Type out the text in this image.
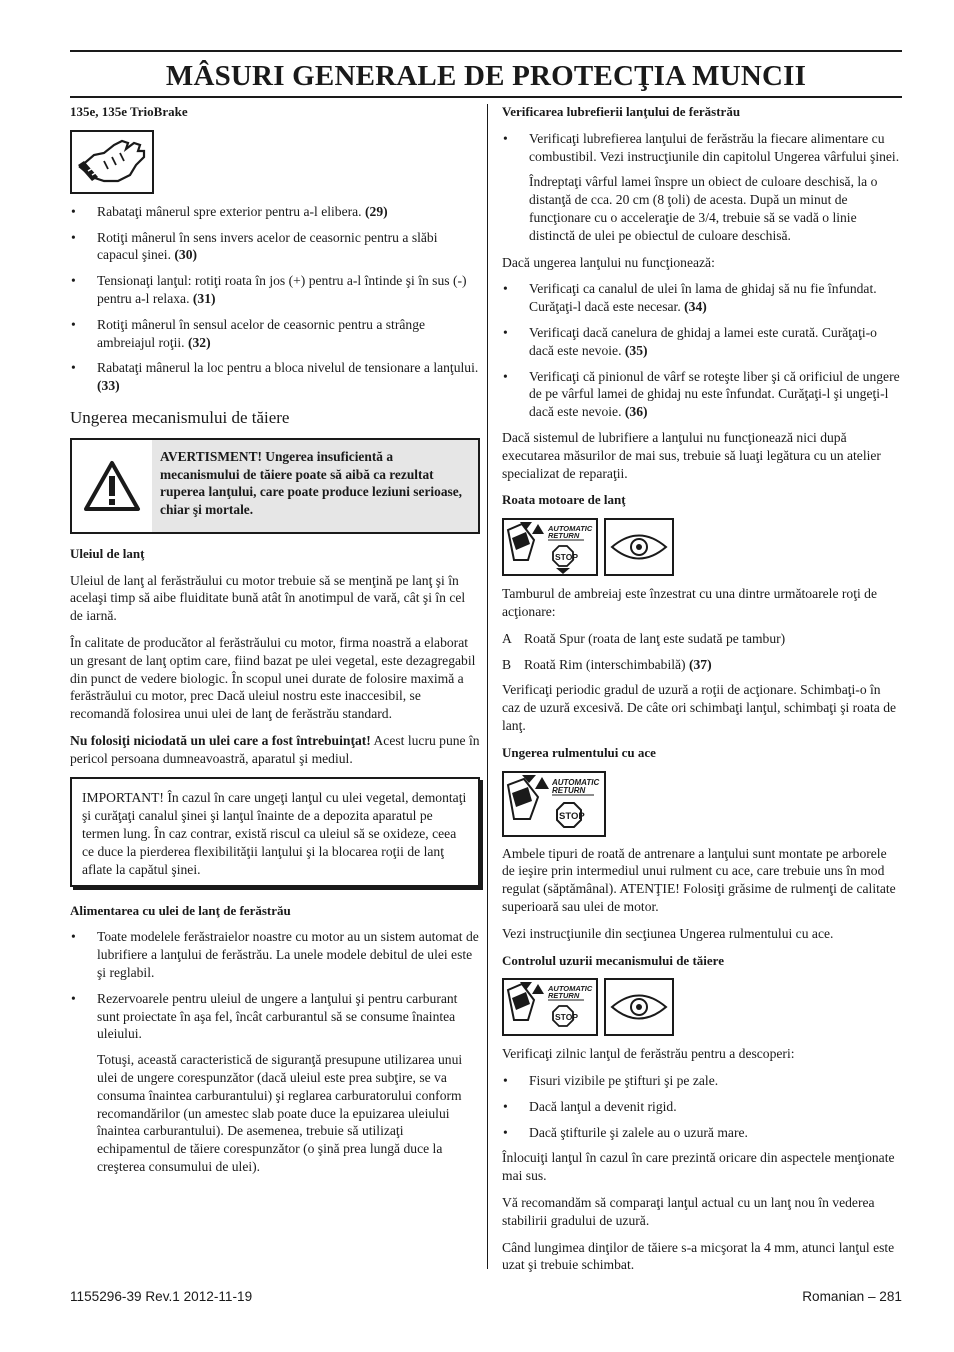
MÂSURI GENERALE DE PROTECŢIA MUNCII
135e, 135e TrioBrake
• Rabataţi mânerul spre exterior pentru a-l elibera. (29)
• Rotiţi mânerul în sens invers acelor de ceasornic pentru a slăbi capacul şinei. (30)
• Tensionaţi lanţul: rotiţi roata în jos (+) pentru a-l întinde şi în sus (-) pentru a-l relaxa. (31)
• Rotiţi mânerul în sensul acelor de ceasornic pentru a strânge ambreiajul roţii. (32)
• Rabataţi mânerul la loc pentru a bloca nivelul de tensionare a lanţului. (33)
Ungerea mecanismului de tăiere
AVERTISMENT! Ungerea insuficientă a mecanismului de tăiere poate să aibă ca rezultat ruperea lanţului, care poate produce leziuni serioase, chiar şi mortale.
Uleiul de lanţ

Uleiul de lanţ al ferăstrăului cu motor trebuie să se menţină pe lanţ şi în acelaşi timp să aibe fluiditate bună atât în anotimpul de vară, cât şi în cel de iarnă.

În calitate de producător al ferăstrăului cu motor, firma noastră a elaborat un gresant de lanţ optim care, fiind bazat pe ulei vegetal, este dezagregabil din punct de vedere biologic. În scopul unei durate de folosire maximă a ferăstrăului cu motor, prec Dacă uleiul nostru este inaccesibil, se recomandă folosirea unui ulei de lanţ de ferăstrău standard.

Nu folosiţi niciodată un ulei care a fost întrebuinţat! Acest lucru pune în pericol persoana dumneavoastră, aparatul şi mediul.

IMPORTANT! În cazul în care ungeţi lanţul cu ulei vegetal, demontaţi şi curăţaţi canalul şinei şi lanţul înainte de a depozita aparatul pe termen lung. În caz contrar, există riscul ca uleiul să se oxideze, ceea ce duce la pierderea flexibilităţii lanţului şi la blocarea roţii de lanţ aflate la capătul şinei.
Alimentarea cu ulei de lanţ de ferăstrău
• Toate modelele ferăstraielor noastre cu motor au un sistem automat de lubrifiere a lanţului de ferăstrău. La unele modele debitul de ulei este şi reglabil.
• Rezervoarele pentru uleiul de ungere a lanţului şi pentru carburant sunt proiectate în aşa fel, încât carburantul să se consume înaintea uleiului.

Totuşi, această caracteristică de siguranţă presupune utilizarea unui ulei de ungere corespunzător (dacă uleiul este prea subţire, se va consuma înaintea carburantului) şi reglarea carburatorului conform recomandărilor (un amestec slab poate duce la epuizarea uleiului înaintea carburantului). De asemenea, trebuie să utilizaţi echipamentul de tăiere corespunzător (o şină prea lungă duce la creşterea consumului de ulei).

Verificarea lubrefierii lanţului de ferăstrău
• Verificaţi lubrefierea lanţului de ferăstrău la fiecare alimentare cu combustibil. Vezi instrucţiunile din capitolul Ungerea vârfului şinei.

Îndreptaţi vârful lamei înspre un obiect de culoare deschisă, la o distanţă de cca. 20 cm (8 ţoli) de acesta. După un minut de funcţionare cu o acceleraţie de 3/4, trebuie să se vadă o linie distinctă de ulei pe obiectul de culoare deschisă.

Dacă ungerea lanţului nu funcţionează:

• Verificaţi ca canalul de ulei în lama de ghidaj să nu fie înfundat. Curăţaţi-l dacă este necesar. (34)
• Verificaţi dacă canelura de ghidaj a lamei este curată. Curăţaţi-o dacă este nevoie. (35)
• Verificaţi că pinionul de vârf se roteşte liber şi că orificiul de ungere de pe vârful lamei de ghidaj nu este înfundat. Curăţaţi-l şi ungeţi-l dacă este nevoie. (36)

Dacă sistemul de lubrifiere a lanţului nu funcţionează nici după executarea măsurilor de mai sus, trebuie să luaţi legătura cu un atelier specializat de reparaţii.

Roata motoare de lanţ
AUTOMATIC
RETURN
STOP

Tamburul de ambreiaj este înzestrat cu una dintre următoarele roţi de acţionare:

A Roată Spur (roata de lanţ este sudată pe tambur)
B Roată Rim (interschimbabilă)
(37)

Verificaţi periodic gradul de uzură a roţii de acţionare. Schimbaţi-o în caz de uzură excesivă. De câte ori schimbaţi lanţul, schimbaţi şi roata de lanţ.

Ungerea rulmentului cu ace
AUTOMATIC
RETURN
STOP

Ambele tipuri de roată de antrenare a lanţului sunt montate pe arborele de ieşire prin intermediul unui rulment cu ace, care trebuie uns în mod regulat (săptămânal). ATENŢIE! Folosiţi grăsime de rulmenţi de calitate superioară sau ulei de motor.

Vezi instrucţiunile din secţiunea Ungerea rulmentului cu ace.

Controlul uzurii mecanismului de tăiere
AUTOMATIC
RETURN
STOP

Verificaţi zilnic lanţul de ferăstrău pentru a descoperi:

• Fisuri vizibile pe ştifturi şi pe zale.
• Dacă lanţul a devenit rigid.
• Dacă ştifturile şi zalele au o uzură mare.

Înlocuiţi lanţul în cazul în care prezintă oricare din aspectele menţionate mai sus.

Vă recomandăm să comparaţi lanţul actual cu un lanţ nou în vederea stabilirii gradului de uzură.

Când lungimea dinţilor de tăiere s-a micşorat la 4 mm, atunci lanţul este uzat şi trebuie schimbat.

1155296-39 Rev.1 2012-11-19	Romanian – 281
